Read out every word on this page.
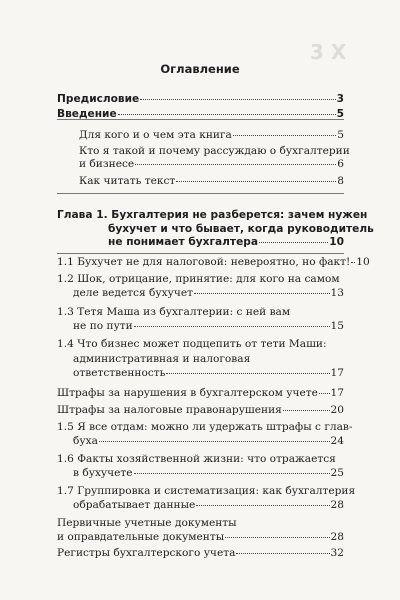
3 Х
Оглавление
Предисловие	3
Введение	5
Для кого и о чем эта книга	5
Кто я такой и почему рассуждаю о бухгалтерии
и бизнесе	6
Как читать текст	8
Глава 1. Бухгалтерия не разберется: зачем нужен
бухучет и что бывает, когда руководитель
не понимает бухгалтера	10
1.1 Бухучет не для налоговой: невероятно, но факт! 10
1.2 Шок, отрицание, принятие: для кого на самом
деле ведется бухучет	13
1.3 Тетя Маша из бухгалтерии: с ней вам
не по пути	15
1.4 Что бизнес может подцепить от тети Маши:
административная и налоговая
ответственность	17
Штрафы за нарушения в бухгалтерском учете 17
Штрафы за налоговые правонарушения	20
1.5 Я все отдам: можно ли удержать штрафы с глав-
буха	24
1.6 Факты хозяйственной жизни: что отражается
в бухучете	25
1.7 Группировка и систематизация: как бухгалтерия
обрабатывает данные	28
Первичные учетные документы
и оправдательные документы	28
Регистры бухгалтерского учета	32
